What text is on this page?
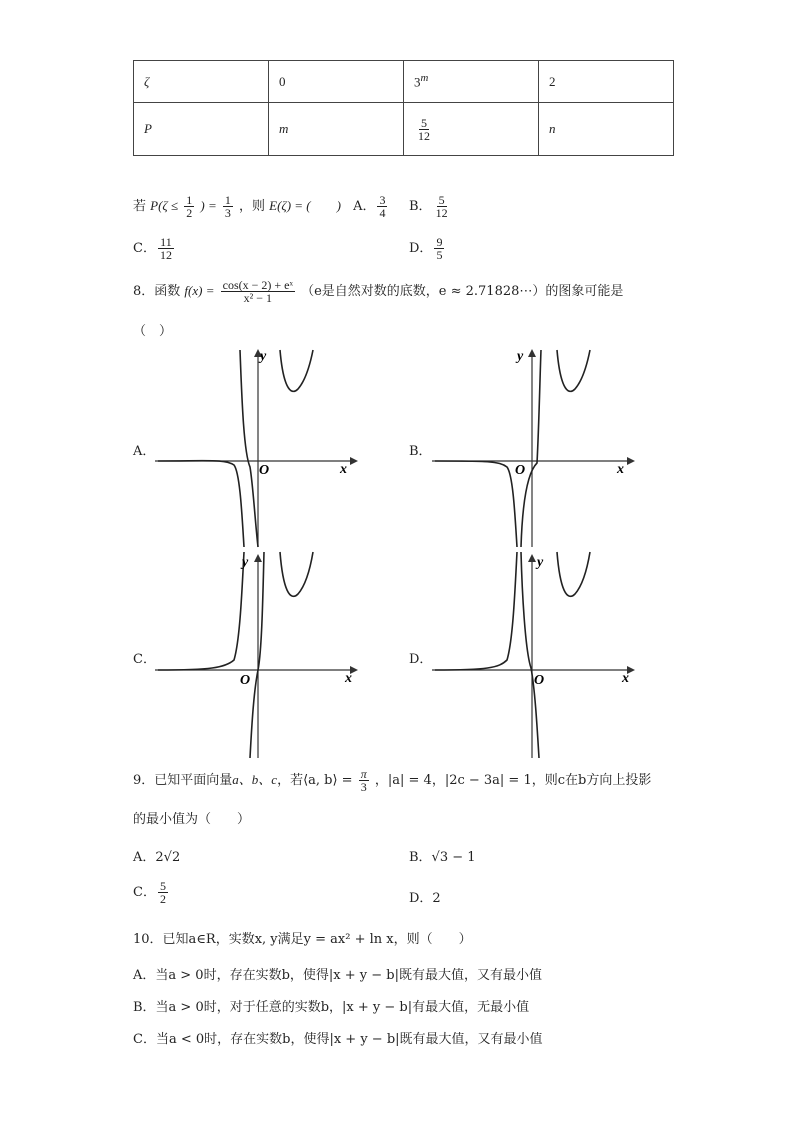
ζ	0	3$^m$	2
P	m	$\frac{5}{12}$	n
若 $P(\zeta \le \frac{1}{2}$ ) = $\frac{1}{3}$ ，则 E(ζ) = (　　) A． $\frac{3}{4}$ B． $\frac{5}{12}$
C． $\frac{11}{12}$	D． $\frac{9}{5}$
8．函数 $f(x) = \frac{\text{cos(x − 2) + eˣ}}{\text{x² − 1}} (e$是自然对数的底数，e ≈ 2.71828⋯）的图象可能是
（　）
A．
y
x
O
B．
y
x
O
C．
y
x
O
D．
y
x
O
9．已知平面向量a、b、c，若⟨a, b⟩ = $\frac{\pi}{3}$ ，|a| = 4，|2c − 3a| = 1，则c在b方向上投影
的最小值为（　　）
A．2√2	B．√3 − 1
C． $\frac{5}{2}$	D．2
10．已知a∈R，实数x, y满足y = ax² + ln x，则（　　）
A．当a > 0时，存在实数b，使得|x + y − b|既有最大值，又有最小值
B．当a > 0时，对于任意的实数b，|x + y − b|有最大值，无最小值
C．当a < 0时，存在实数b，使得|x + y − b|既有最大值，又有最小值
